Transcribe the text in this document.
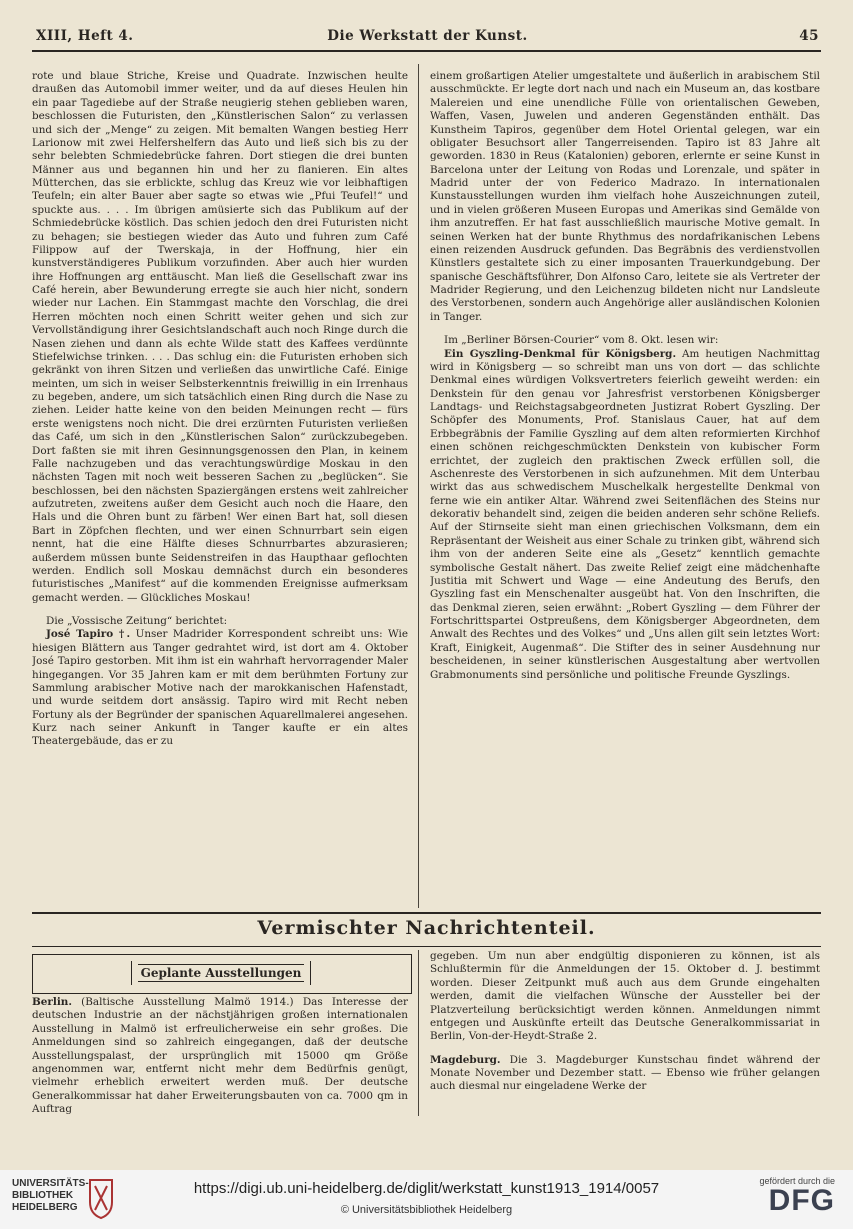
XIII, Heft 4.	Die Werkstatt der Kunst.	45

rote und blaue Striche, Kreise und Quadrate. Inzwischen heulte draußen das Automobil immer weiter, und da auf dieses Heulen hin ein paar Tagediebe auf der Straße neugierig stehen geblieben waren, beschlossen die Futuristen, den „Künstlerischen Salon“ zu verlassen und sich der „Menge“ zu zeigen. Mit bemalten Wangen bestieg Herr Larionow mit zwei Helfershelfern das Auto und ließ sich bis zu der sehr belebten Schmiedebrücke fahren. Dort stiegen die drei bunten Männer aus und begannen hin und her zu flanieren. Ein altes Mütterchen, das sie erblickte, schlug das Kreuz wie vor leibhaftigen Teufeln; ein alter Bauer aber sagte so etwas wie „Pfui Teufel!“ und spuckte aus. . . . Im übrigen amüsierte sich das Publikum auf der Schmiedebrücke köstlich. Das schien jedoch den drei Futuristen nicht zu behagen; sie bestiegen wieder das Auto und fuhren zum Café Filippow auf der Twerskaja, in der Hoffnung, hier ein kunstverständigeres Publikum vorzufinden. Aber auch hier wurden ihre Hoffnungen arg enttäuscht. Man ließ die Gesellschaft zwar ins Café herein, aber Bewunderung erregte sie auch hier nicht, sondern wieder nur Lachen. Ein Stammgast machte den Vorschlag, die drei Herren möchten noch einen Schritt weiter gehen und sich zur Vervollständigung ihrer Gesichtslandschaft auch noch Ringe durch die Nasen ziehen und dann als echte Wilde statt des Kaffees verdünnte Stiefelwichse trinken. . . . Das schlug ein: die Futuristen erhoben sich gekränkt von ihren Sitzen und verließen das unwirtliche Café. Einige meinten, um sich in weiser Selbsterkenntnis freiwillig in ein Irrenhaus zu begeben, andere, um sich tatsächlich einen Ring durch die Nase zu ziehen. Leider hatte keine von den beiden Meinungen recht — fürs erste wenigstens noch nicht. Die drei erzürnten Futuristen verließen das Café, um sich in den „Künstlerischen Salon“ zurückzubegeben. Dort faßten sie mit ihren Gesinnungsgenossen den Plan, in keinem Falle nachzugeben und das verachtungswürdige Moskau in den nächsten Tagen mit noch weit besseren Sachen zu „beglücken“. Sie beschlossen, bei den nächsten Spaziergängen erstens weit zahlreicher aufzutreten, zweitens außer dem Gesicht auch noch die Haare, den Hals und die Ohren bunt zu färben! Wer einen Bart hat, soll diesen Bart in Zöpfchen flechten, und wer einen Schnurrbart sein eigen nennt, hat die eine Hälfte dieses Schnurrbartes abzurasieren; außerdem müssen bunte Seidenstreifen in das Haupthaar geflochten werden. Endlich soll Moskau demnächst durch ein besonderes futuristisches „Manifest“ auf die kommenden Ereignisse aufmerksam gemacht werden. — Glückliches Moskau!

Die „Vossische Zeitung“ berichtet:

José Tapiro †. Unser Madrider Korrespondent schreibt uns: Wie hiesigen Blättern aus Tanger gedrahtet wird, ist dort am 4. Oktober José Tapiro gestorben. Mit ihm ist ein wahrhaft hervorragender Maler hingegangen. Vor 35 Jahren kam er mit dem berühmten Fortuny zur Sammlung arabischer Motive nach der marokkanischen Hafenstadt, und wurde seitdem dort ansässig. Tapiro wird mit Recht neben Fortuny als der Begründer der spanischen Aquarellmalerei angesehen. Kurz nach seiner Ankunft in Tanger kaufte er ein altes Theatergebäude, das er zu

einem großartigen Atelier umgestaltete und äußerlich in arabischem Stil ausschmückte. Er legte dort nach und nach ein Museum an, das kostbare Malereien und eine unendliche Fülle von orientalischen Geweben, Waffen, Vasen, Juwelen und anderen Gegenständen enthält. Das Kunstheim Tapiros, gegenüber dem Hotel Oriental gelegen, war ein obligater Besuchsort aller Tangerreisenden. Tapiro ist 83 Jahre alt geworden. 1830 in Reus (Katalonien) geboren, erlernte er seine Kunst in Barcelona unter der Leitung von Rodas und Lorenzale, und später in Madrid unter der von Federico Madrazo. In internationalen Kunstausstellungen wurden ihm vielfach hohe Auszeichnungen zuteil, und in vielen größeren Museen Europas und Amerikas sind Gemälde von ihm anzutreffen. Er hat fast ausschließlich maurische Motive gemalt. In seinen Werken hat der bunte Rhythmus des nordafrikanischen Lebens einen reizenden Ausdruck gefunden. Das Begräbnis des verdienstvollen Künstlers gestaltete sich zu einer imposanten Trauerkundgebung. Der spanische Geschäftsführer, Don Alfonso Caro, leitete sie als Vertreter der Madrider Regierung, und den Leichenzug bildeten nicht nur Landsleute des Verstorbenen, sondern auch Angehörige aller ausländischen Kolonien in Tanger.

Im „Berliner Börsen-Courier“ vom 8. Okt. lesen wir:

Ein Gyszling-Denkmal für Königsberg. Am heutigen Nachmittag wird in Königsberg — so schreibt man uns von dort — das schlichte Denkmal eines würdigen Volksvertreters feierlich geweiht werden: ein Denkstein für den genau vor Jahresfrist verstorbenen Königsberger Landtags- und Reichstagsabgeordneten Justizrat Robert Gyszling. Der Schöpfer des Monuments, Prof. Stanislaus Cauer, hat auf dem Erbbegräbnis der Familie Gyszling auf dem alten reformierten Kirchhof einen schönen reichgeschmückten Denkstein von kubischer Form errichtet, der zugleich den praktischen Zweck erfüllen soll, die Aschenreste des Verstorbenen in sich aufzunehmen. Mit dem Unterbau wirkt das aus schwedischem Muschelkalk hergestellte Denkmal von ferne wie ein antiker Altar. Während zwei Seitenflächen des Steins nur dekorativ behandelt sind, zeigen die beiden anderen sehr schöne Reliefs. Auf der Stirnseite sieht man einen griechischen Volksmann, dem ein Repräsentant der Weisheit aus einer Schale zu trinken gibt, während sich ihm von der anderen Seite eine als „Gesetz“ kenntlich gemachte symbolische Gestalt nähert. Das zweite Relief zeigt eine mädchenhafte Justitia mit Schwert und Wage — eine Andeutung des Berufs, den Gyszling fast ein Menschenalter ausgeübt hat. Von den Inschriften, die das Denkmal zieren, seien erwähnt: „Robert Gyszling — dem Führer der Fortschrittspartei Ostpreußens, dem Königsberger Abgeordneten, dem Anwalt des Rechtes und des Volkes“ und „Uns allen gilt sein letztes Wort: Kraft, Einigkeit, Augenmaß“. Die Stifter des in seiner Ausdehnung nur bescheidenen, in seiner künstlerischen Ausgestaltung aber wertvollen Grabmonuments sind persönliche und politische Freunde Gyszlings.

Vermischter Nachrichtenteil.
Geplante Ausstellungen

Berlin. (Baltische Ausstellung Malmö 1914.) Das Interesse der deutschen Industrie an der nächstjährigen großen internationalen Ausstellung in Malmö ist erfreulicherweise ein sehr großes. Die Anmeldungen sind so zahlreich eingegangen, daß der deutsche Ausstellungspalast, der ursprünglich mit 15000 qm Größe angenommen war, entfernt nicht mehr dem Bedürfnis genügt, vielmehr erheblich erweitert werden muß. Der deutsche Generalkommissar hat daher Erweiterungsbauten von ca. 7000 qm in Auftrag

gegeben. Um nun aber endgültig disponieren zu können, ist als Schlußtermin für die Anmeldungen der 15. Oktober d. J. bestimmt worden. Dieser Zeitpunkt muß auch aus dem Grunde eingehalten werden, damit die vielfachen Wünsche der Aussteller bei der Platzverteilung berücksichtigt werden können. Anmeldungen nimmt entgegen und Auskünfte erteilt das Deutsche Generalkommissariat in Berlin, Von-der-Heydt-Straße 2.

Magdeburg. Die 3. Magdeburger Kunstschau findet während der Monate November und Dezember statt. — Ebenso wie früher gelangen auch diesmal nur eingeladene Werke der

UNIVERSITÄTS-
BIBLIOTHEK
HEIDELBERG
https://digi.ub.uni-heidelberg.de/diglit/werkstatt_kunst1913_1914/0057
© Universitätsbibliothek Heidelberg
gefördert durch die
DFG
